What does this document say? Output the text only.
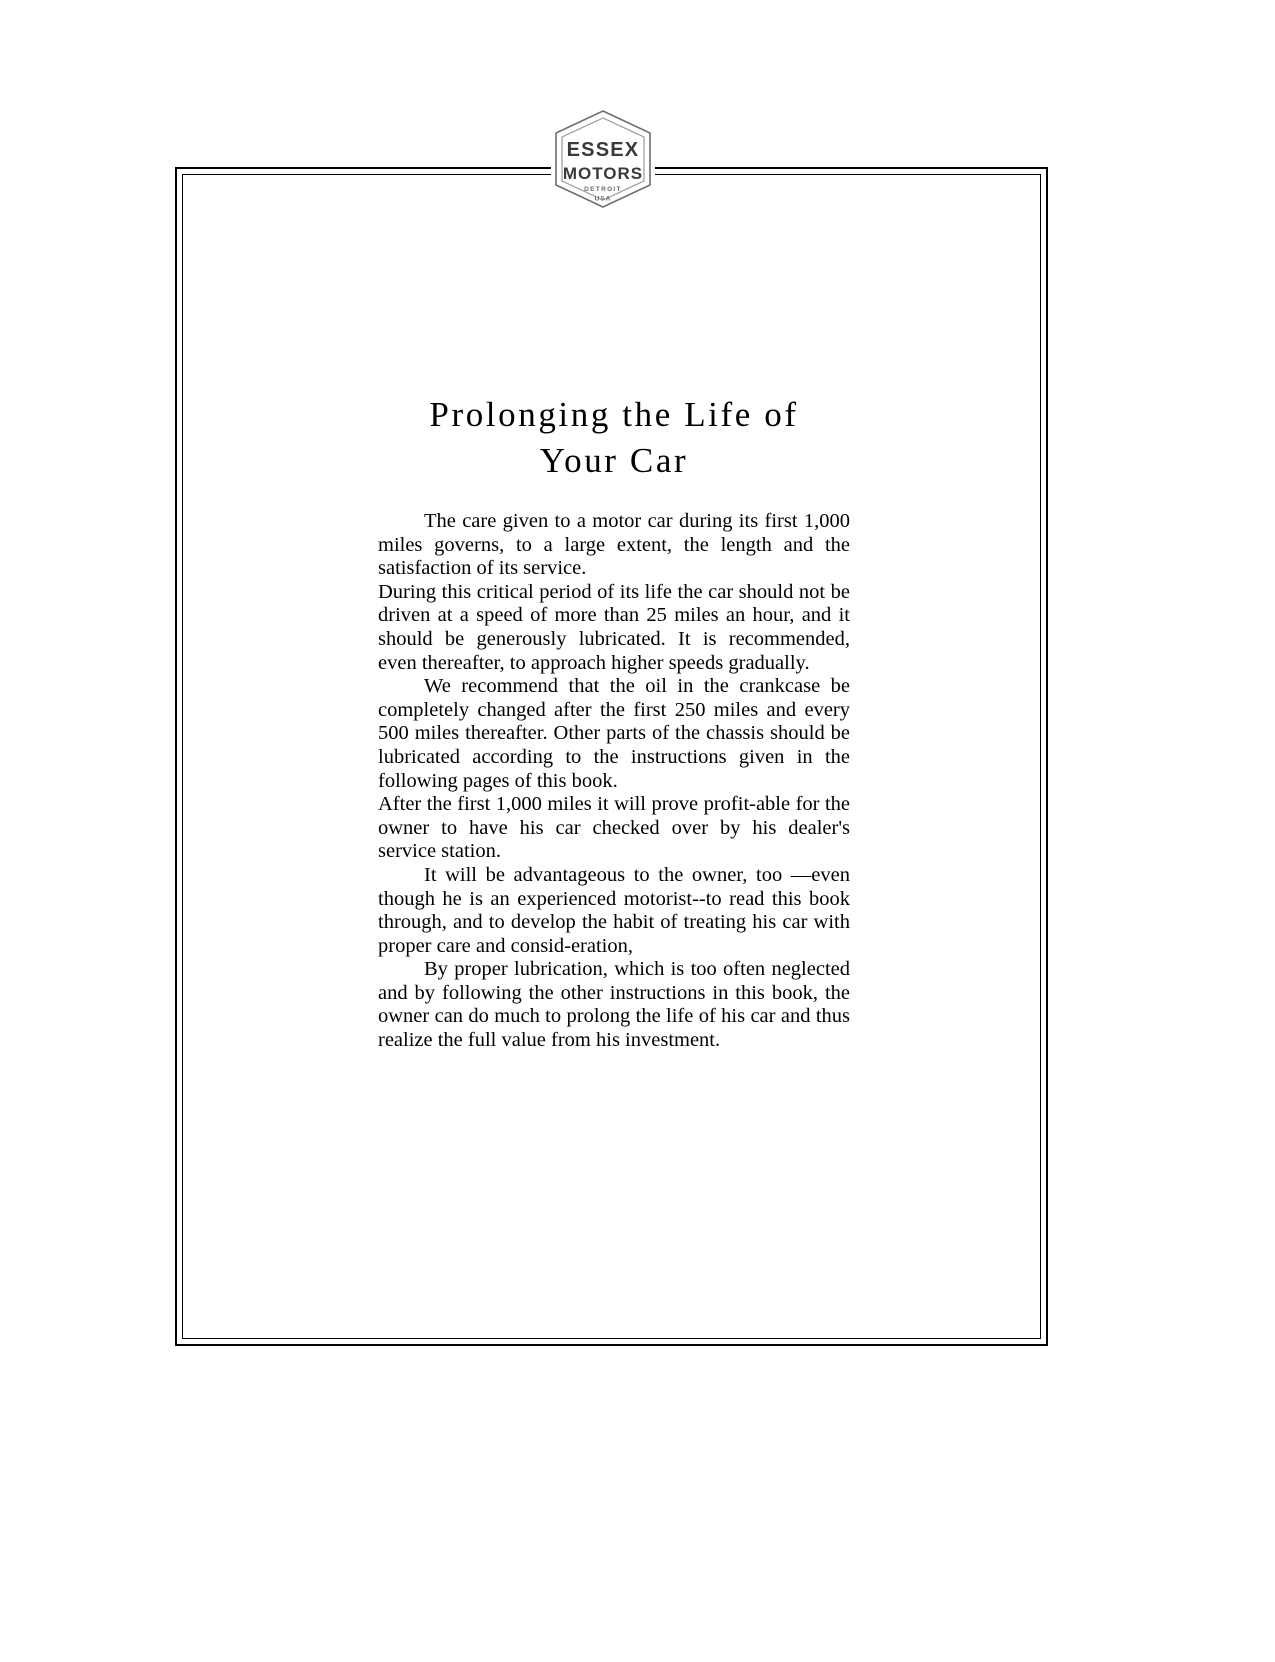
ESSEX
MOTORS
DETROIT
USA
Prolonging the Life of
Your Car

The care given to a motor car during its first 1,000 miles governs, to a large extent, the length and the satisfaction of its service.

During this critical period of its life the car should not be driven at a speed of more than 25 miles an hour, and it should be generously lubricated. It is recommended, even thereafter, to approach higher speeds gradually.

We recommend that the oil in the crankcase be completely changed after the first 250 miles and every 500 miles thereafter. Other parts of the chassis should be lubricated according to the instructions given in the following pages of this book.

After the first 1,000 miles it will prove profit-able for the owner to have his car checked over by his dealer's service station.

It will be advantageous to the owner, too —even though he is an experienced motorist--to read this book through, and to develop the habit of treating his car with proper care and consid-eration,

By proper lubrication, which is too often neglected and by following the other instructions in this book, the owner can do much to prolong the life of his car and thus realize the full value from his investment.
